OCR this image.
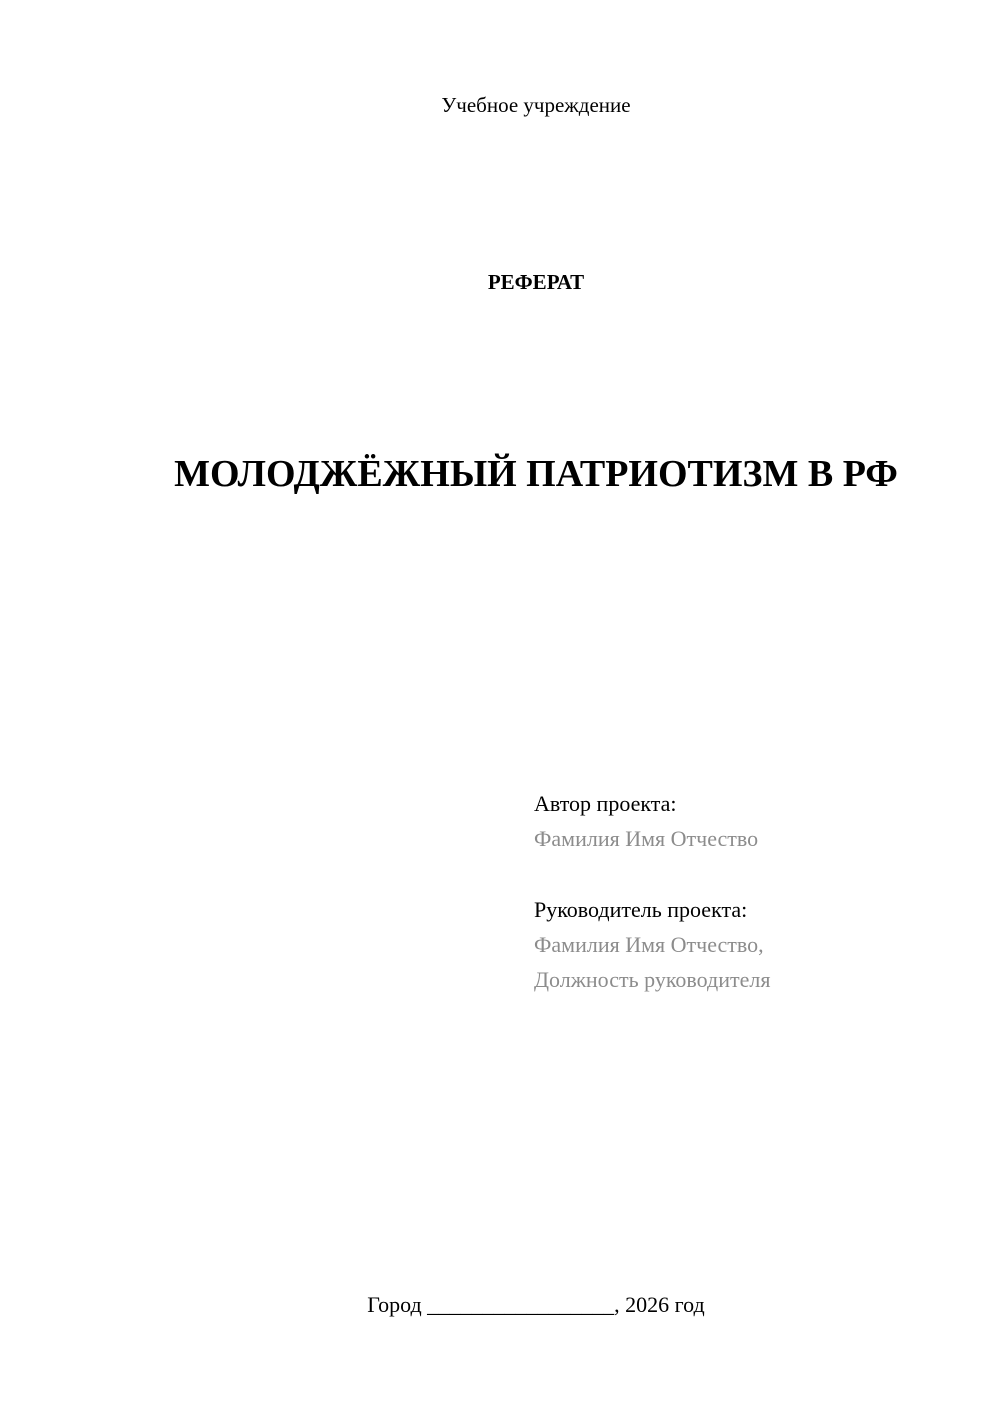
Учебное учреждение
РЕФЕРАТ
МОЛОДЖЁЖНЫЙ ПАТРИОТИЗМ В РФ
Автор проекта:
Фамилия Имя Отчество
Руководитель проекта:
Фамилия Имя Отчество,
Должность руководителя
Город _________________, 2026 год
